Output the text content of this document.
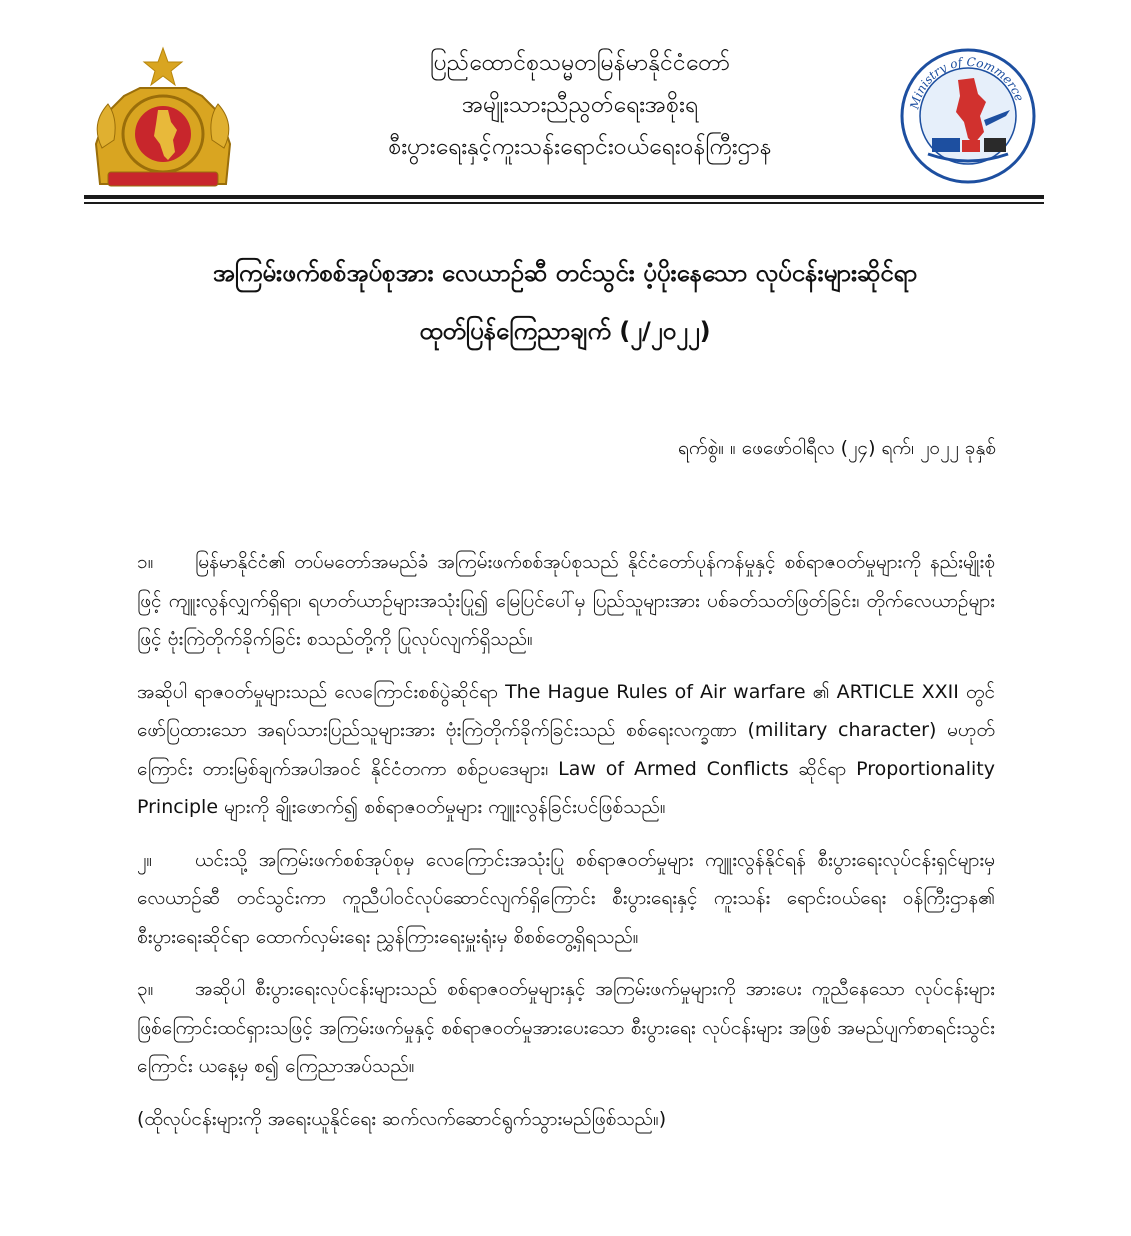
ပြည်ထောင်စုသမ္မတမြန်မာနိုင်ငံတော်
အမျိုးသားညီညွတ်ရေးအစိုးရ
စီးပွားရေးနှင့်ကူးသန်းရောင်းဝယ်ရေးဝန်ကြီးဌာန
Ministry of Commerce
အကြမ်းဖက်စစ်အုပ်စုအား လေယာဉ်ဆီ တင်သွင်း ပံ့ပိုးနေသော လုပ်ငန်းများဆိုင်ရာ
ထုတ်ပြန်ကြေညာချက် (၂/၂၀၂၂)
ရက်စွဲ။ ။ ဖေဖော်ဝါရီလ (၂၄) ရက်၊ ၂၀၂၂ ခုနှစ်

၁။ မြန်မာနိုင်ငံ၏ တပ်မတော်အမည်ခံ အကြမ်းဖက်စစ်အုပ်စုသည် နိုင်ငံတော်ပုန်ကန်မှုနှင့် စစ်ရာဇဝတ်မှုများကို နည်းမျိုးစုံဖြင့် ကျူးလွန်လျှက်ရှိရာ၊ ရဟတ်ယာဉ်များအသုံးပြု၍ မြေပြင်ပေါ်မှ ပြည်သူများအား ပစ်ခတ်သတ်ဖြတ်ခြင်း၊ တိုက်လေယာဉ်များဖြင့် ဗုံးကြဲတိုက်ခိုက်ခြင်း စသည်တို့ကို ပြုလုပ်လျက်ရှိသည်။

အဆိုပါ ရာဇဝတ်မှုများသည် လေကြောင်းစစ်ပွဲဆိုင်ရာ The Hague Rules of Air warfare ၏ ARTICLE XXII တွင် ဖော်ပြထားသော အရပ်သားပြည်သူများအား ဗုံးကြဲတိုက်ခိုက်ခြင်းသည် စစ်ရေးလက္ခဏာ (military character) မဟုတ်ကြောင်း တားမြစ်ချက်အပါအဝင် နိုင်ငံတကာ စစ်ဥပဒေများ၊ Law of Armed Conflicts ဆိုင်ရာ Proportionality Principle များကို ချိုးဖောက်၍ စစ်ရာဇဝတ်မှုများ ကျူးလွန်ခြင်းပင်ဖြစ်သည်။

၂။ ယင်းသို့ အကြမ်းဖက်စစ်အုပ်စုမှ လေကြောင်းအသုံးပြု စစ်ရာဇဝတ်မှုများ ကျူးလွန်နိုင်ရန် စီးပွားရေးလုပ်ငန်းရှင်များမှ လေယာဉ်ဆီ တင်သွင်းကာ ကူညီပါဝင်လုပ်ဆောင်လျက်ရှိကြောင်း စီးပွားရေးနှင့် ကူးသန်း ရောင်းဝယ်ရေး ဝန်ကြီးဌာန၏ စီးပွားရေးဆိုင်ရာ ထောက်လှမ်းရေး ညွှန်ကြားရေးမှူးရုံးမှ စိစစ်တွေ့ရှိရသည်။

၃။ အဆိုပါ စီးပွားရေးလုပ်ငန်းများသည် စစ်ရာဇဝတ်မှုများနှင့် အကြမ်းဖက်မှုများကို အားပေး ကူညီနေသော လုပ်ငန်းများဖြစ်ကြောင်းထင်ရှားသဖြင့် အကြမ်းဖက်မှုနှင့် စစ်ရာဇဝတ်မှုအားပေးသော စီးပွားရေး လုပ်ငန်းများ အဖြစ် အမည်ပျက်စာရင်းသွင်းကြောင်း ယနေ့မှ စ၍ ကြေညာအပ်သည်။

(ထိုလုပ်ငန်းများကို အရေးယူနိုင်ရေး ဆက်လက်ဆောင်ရွက်သွားမည်ဖြစ်သည်။)
